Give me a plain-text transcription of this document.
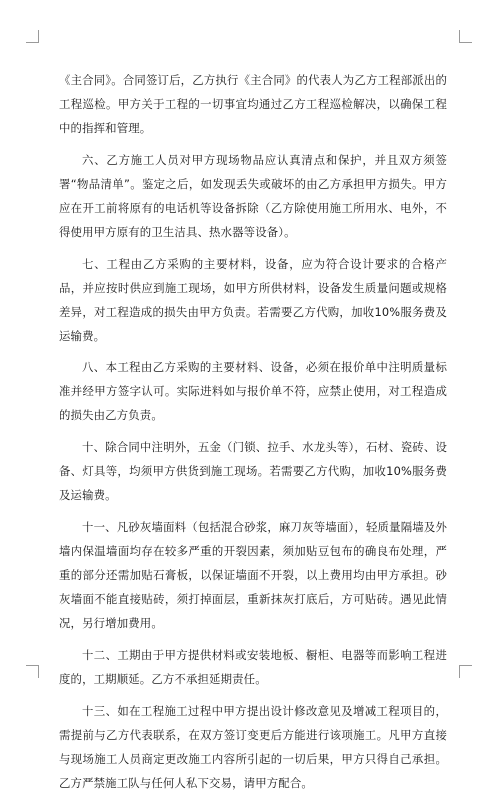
《主合同》。合同签订后，乙方执行《主合同》的代表人为乙方工程部派出的工程巡检。甲方关于工程的一切事宜均通过乙方工程巡检解决，以确保工程中的指挥和管理。

六、乙方施工人员对甲方现场物品应认真清点和保护，并且双方须签署“物品清单”。鉴定之后，如发现丢失或破坏的由乙方承担甲方损失。甲方应在开工前将原有的电话机等设备拆除（乙方除使用施工所用水、电外，不得使用甲方原有的卫生洁具、热水器等设备）。

七、工程由乙方采购的主要材料，设备，应为符合设计要求的合格产品，并应按时供应到施工现场，如甲方所供材料，设备发生质量问题或规格差异，对工程造成的损失由甲方负责。若需要乙方代购，加收10%服务费及运输费。

八、本工程由乙方采购的主要材料、设备，必须在报价单中注明质量标准并经甲方签字认可。实际进料如与报价单不符，应禁止使用，对工程造成的损失由乙方负责。

十、除合同中注明外，五金（门锁、拉手、水龙头等），石材、瓷砖、设备、灯具等，均须甲方供货到施工现场。若需要乙方代购，加收10%服务费及运输费。

十一、凡砂灰墙面料（包括混合砂浆，麻刀灰等墙面），轻质量隔墙及外墙内保温墙面均存在较多严重的开裂因素，须加贴豆包布的确良布处理，严重的部分还需加贴石膏板，以保证墙面不开裂，以上费用均由甲方承担。砂灰墙面不能直接贴砖，须打掉面层，重新抹灰打底后，方可贴砖。遇见此情况，另行增加费用。

十二、工期由于甲方提供材料或安装地板、橱柜、电器等而影响工程进度的，工期顺延。乙方不承担延期责任。

十三、如在工程施工过程中甲方提出设计修改意见及增减工程项目的，需提前与乙方代表联系，在双方签订变更后方能进行该项施工。凡甲方直接与现场施工人员商定更改施工内容所引起的一切后果，甲方只得自己承担。乙方严禁施工队与任何人私下交易，请甲方配合。
